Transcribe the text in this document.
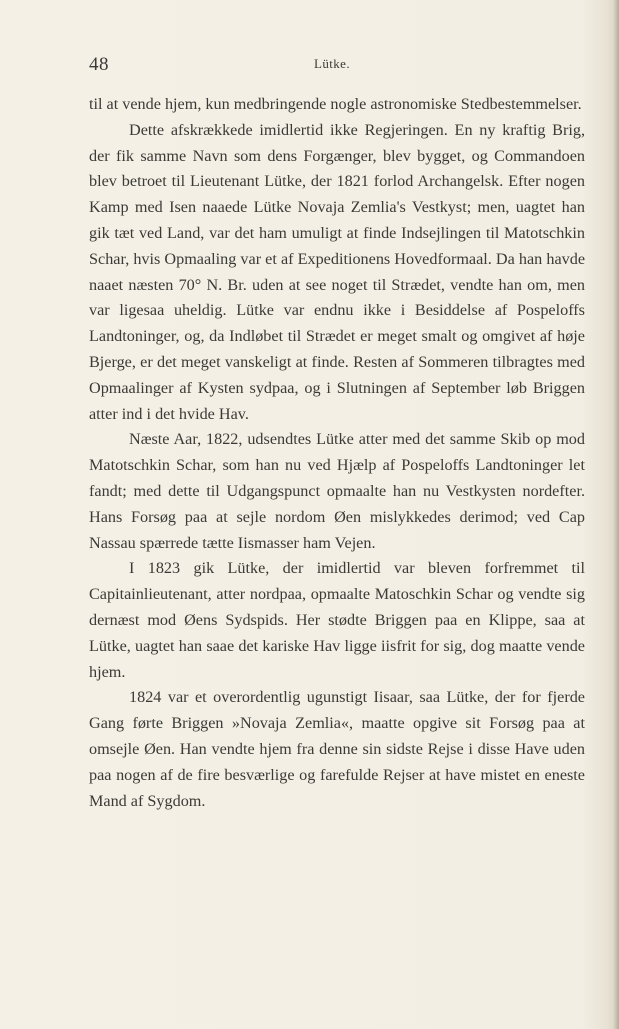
48	Lütke.

til at vende hjem, kun medbringende nogle astronomiske Stedbestemmelser.

Dette afskrækkede imidlertid ikke Regjeringen. En ny kraftig Brig, der fik samme Navn som dens Forgænger, blev bygget, og Commandoen blev betroet til Lieutenant Lütke, der 1821 forlod Archangelsk. Efter nogen Kamp med Isen naaede Lütke Novaja Zemlia's Vestkyst; men, uagtet han gik tæt ved Land, var det ham umuligt at finde Indsejlingen til Matotschkin Schar, hvis Opmaaling var et af Expeditionens Hovedformaal. Da han havde naaet næsten 70° N. Br. uden at see noget til Strædet, vendte han om, men var ligesaa uheldig. Lütke var endnu ikke i Besiddelse af Pospeloffs Landtoninger, og, da Indløbet til Strædet er meget smalt og omgivet af høje Bjerge, er det meget vanskeligt at finde. Resten af Sommeren tilbragtes med Opmaalinger af Kysten sydpaa, og i Slutningen af September løb Briggen atter ind i det hvide Hav.

Næste Aar, 1822, udsendtes Lütke atter med det samme Skib op mod Matotschkin Schar, som han nu ved Hjælp af Pospeloffs Landtoninger let fandt; med dette til Udgangspunct opmaalte han nu Vestkysten nordefter. Hans Forsøg paa at sejle nordom Øen mislykkedes derimod; ved Cap Nassau spærrede tætte Iismasser ham Vejen.

I 1823 gik Lütke, der imidlertid var bleven forfremmet til Capitainlieutenant, atter nordpaa, opmaalte Matoschkin Schar og vendte sig dernæst mod Øens Sydspids. Her stødte Briggen paa en Klippe, saa at Lütke, uagtet han saae det kariske Hav ligge iisfrit for sig, dog maatte vende hjem.

1824 var et overordentlig ugunstigt Iisaar, saa Lütke, der for fjerde Gang førte Briggen »Novaja Zemlia«, maatte opgive sit Forsøg paa at omsejle Øen. Han vendte hjem fra denne sin sidste Rejse i disse Have uden paa nogen af de fire besværlige og farefulde Rejser at have mistet en eneste Mand af Sygdom.
